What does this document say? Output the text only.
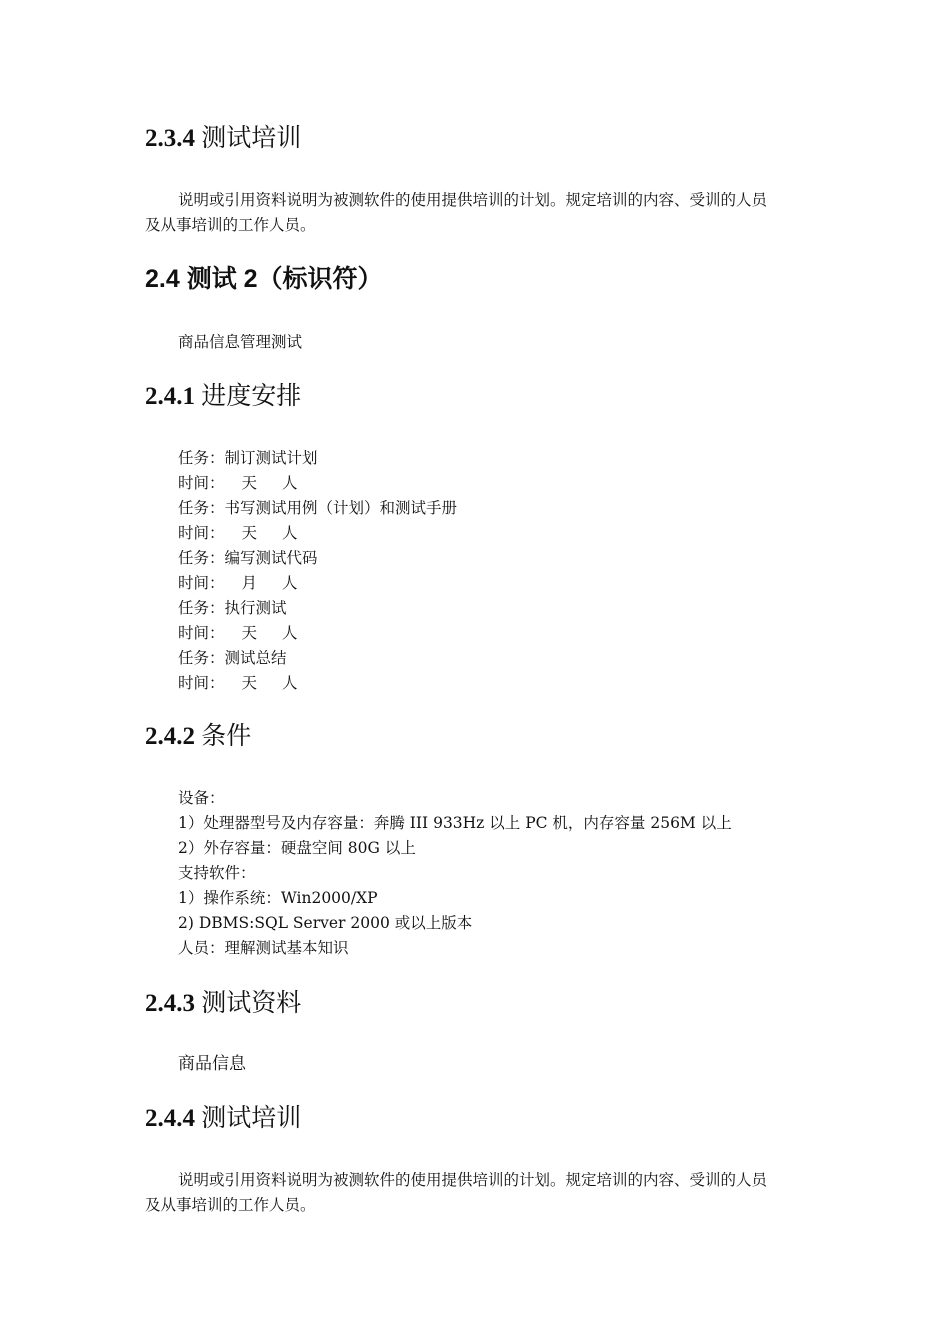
2.3.4 测试培训

说明或引用资料说明为被测软件的使用提供培训的计划。规定培训的内容、受训的人员

及从事培训的工作人员。

2.4 测试 2（标识符）

商品信息管理测试

2.4.1 进度安排

任务：制订测试计划

时间： 天 人

任务：书写测试用例（计划）和测试手册

时间： 天 人

任务：编写测试代码

时间： 月 人

任务：执行测试

时间： 天 人

任务：测试总结

时间： 天 人

2.4.2 条件

设备：

1）处理器型号及内存容量：奔腾 III 933Hz 以上 PC 机，内存容量 256M 以上

2）外存容量：硬盘空间 80G 以上

支持软件：

1）操作系统：Win2000/XP

2) DBMS:SQL Server 2000 或以上版本

人员：理解测试基本知识

2.4.3 测试资料

商品信息

2.4.4 测试培训

说明或引用资料说明为被测软件的使用提供培训的计划。规定培训的内容、受训的人员

及从事培训的工作人员。
